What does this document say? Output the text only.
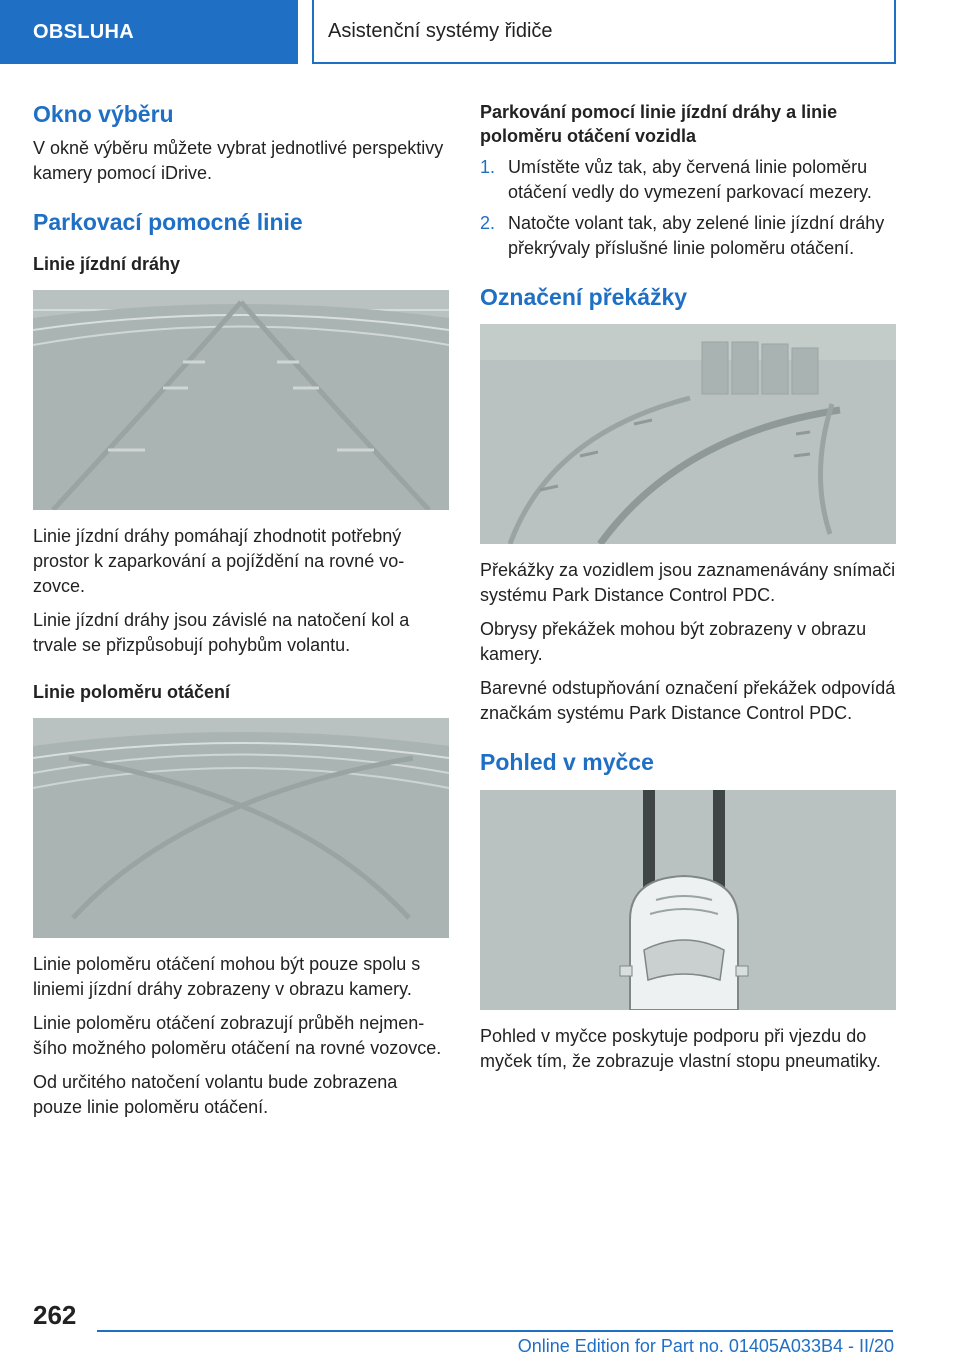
OBSLUHA	Asistenční systémy řidiče
Okno výběru

V okně výběru můžete vybrat jednotlivé perspektivy kamery pomocí iDrive.

Parkovací pomocné linie
Linie jízdní dráhy

Linie jízdní dráhy pomáhají zhodnotit potřebný prostor k zaparkování a pojíždění na rovné vozovce.

Linie jízdní dráhy jsou závislé na natočení kol a trvale se přizpůsobují pohybům volantu.

Linie poloměru otáčení

Linie poloměru otáčení mohou být pouze spolu s liniemi jízdní dráhy zobrazeny v obrazu kamery.

Linie poloměru otáčení zobrazují průběh nejmenšího možného poloměru otáčení na rovné vozovce.

Od určitého natočení volantu bude zobrazena pouze linie poloměru otáčení.

Parkování pomocí linie jízdní dráhy a linie poloměru otáčení vozidla
1. Umístěte vůz tak, aby červená linie poloměru otáčení vedly do vymezení parkovací mezery.
2. Natočte volant tak, aby zelené linie jízdní dráhy překrývaly příslušné linie poloměru otáčení.
Označení překážky

Překážky za vozidlem jsou zaznamenávány snímači systému Park Distance Control PDC.

Obrysy překážek mohou být zobrazeny v obrazu kamery.

Barevné odstupňování označení překážek odpovídá značkám systému Park Distance Control PDC.

Pohled v myčce

Pohled v myčce poskytuje podporu při vjezdu do myček tím, že zobrazuje vlastní stopu pneumatiky.

262
Online Edition for Part no. 01405A033B4 - II/20
